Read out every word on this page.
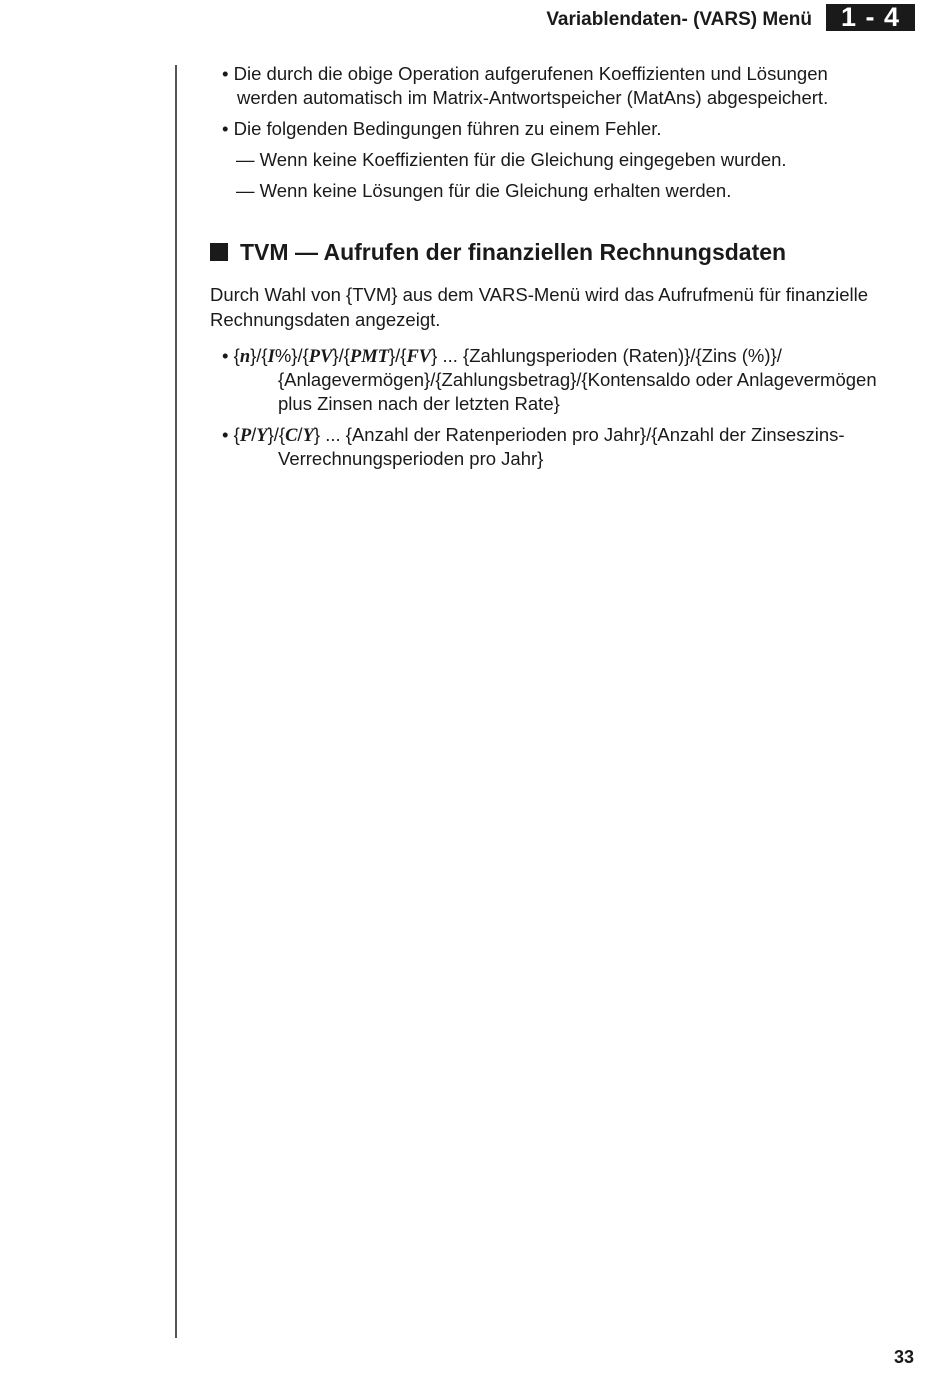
Variablendaten- (VARS) Menü	1 - 4
• Die durch die obige Operation aufgerufenen Koeffizienten und Lösungen
werden automatisch im Matrix-Antwortspeicher (MatAns) abgespeichert.
• Die folgenden Bedingungen führen zu einem Fehler.
— Wenn keine Koeffizienten für die Gleichung eingegeben wurden.
— Wenn keine Lösungen für die Gleichung erhalten werden.
TVM — Aufrufen der finanziellen Rechnungsdaten
Durch Wahl von {TVM} aus dem VARS-Menü wird das Aufrufmenü für finanzielle
Rechnungsdaten angezeigt.
• {n}/{I%}/{PV}/{PMT}/{FV} ... {Zahlungsperioden (Raten)}/{Zins (%)}/
{Anlagevermögen}/{Zahlungsbetrag}/{Kontensaldo oder Anlagevermögen
plus Zinsen nach der letzten Rate}
• {P/Y}/{C/Y} ... {Anzahl der Ratenperioden pro Jahr}/{Anzahl der Zinseszins-
Verrechnungsperioden pro Jahr}
33
